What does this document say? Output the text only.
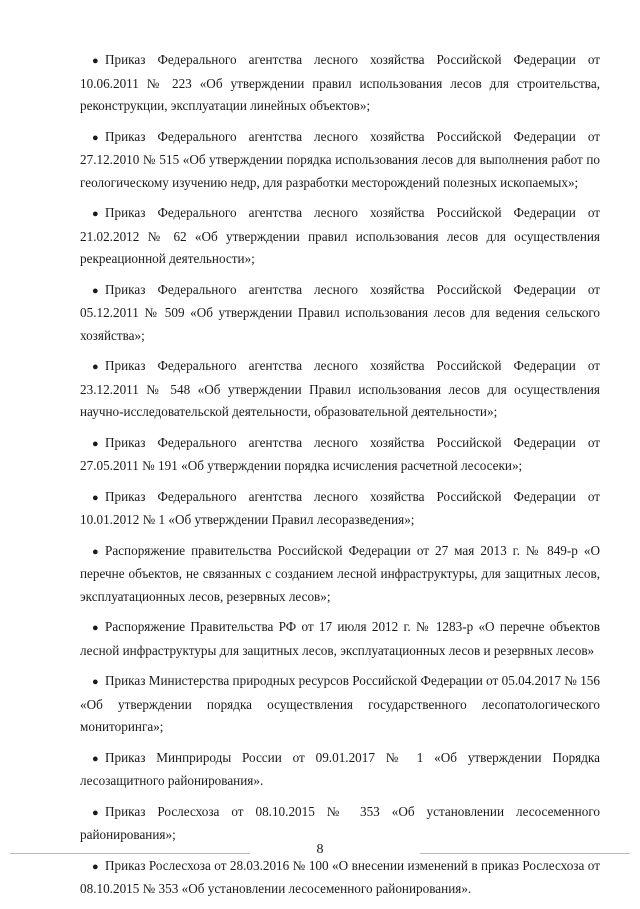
● Приказ Федерального агентства лесного хозяйства Российской Федерации от 10.06.2011 № 223 «Об утверждении правил использования лесов для строительства, реконструкции, эксплуатации линейных объектов»;
● Приказ Федерального агентства лесного хозяйства Российской Федерации от 27.12.2010 № 515 «Об утверждении порядка использования лесов для выполнения работ по геологическому изучению недр, для разработки месторождений полезных ископаемых»;
● Приказ Федерального агентства лесного хозяйства Российской Федерации от 21.02.2012 № 62 «Об утверждении правил использования лесов для осуществления рекреационной деятельности»;
● Приказ Федерального агентства лесного хозяйства Российской Федерации от 05.12.2011 № 509 «Об утверждении Правил использования лесов для ведения сельского хозяйства»;
● Приказ Федерального агентства лесного хозяйства Российской Федерации от 23.12.2011 № 548 «Об утверждении Правил использования лесов для осуществления научно-исследовательской деятельности, образовательной деятельности»;
● Приказ Федерального агентства лесного хозяйства Российской Федерации от 27.05.2011 № 191 «Об утверждении порядка исчисления расчетной лесосеки»;
● Приказ Федерального агентства лесного хозяйства Российской Федерации от 10.01.2012 № 1 «Об утверждении Правил лесоразведения»;
● Распоряжение правительства Российской Федерации от 27 мая 2013 г. № 849-р «О перечне объектов, не связанных с созданием лесной инфраструктуры, для защитных лесов, эксплуатационных лесов, резервных лесов»;
● Распоряжение Правительства РФ от 17 июля 2012 г. № 1283-р «О перечне объектов лесной инфраструктуры для защитных лесов, эксплуатационных лесов и резервных лесов»
● Приказ Министерства природных ресурсов Российской Федерации от 05.04.2017 № 156 «Об утверждении порядка осуществления государственного лесопатологического мониторинга»;
● Приказ Минприроды России от 09.01.2017 № 1 «Об утверждении Порядка лесозащитного районирования».
● Приказ Рослесхоза от 08.10.2015 № 353 «Об установлении лесосеменного районирования»;
● Приказ Рослесхоза от 28.03.2016 № 100 «О внесении изменений в приказ Рослесхоза от 08.10.2015 № 353 «Об установлении лесосеменного районирования».
8
